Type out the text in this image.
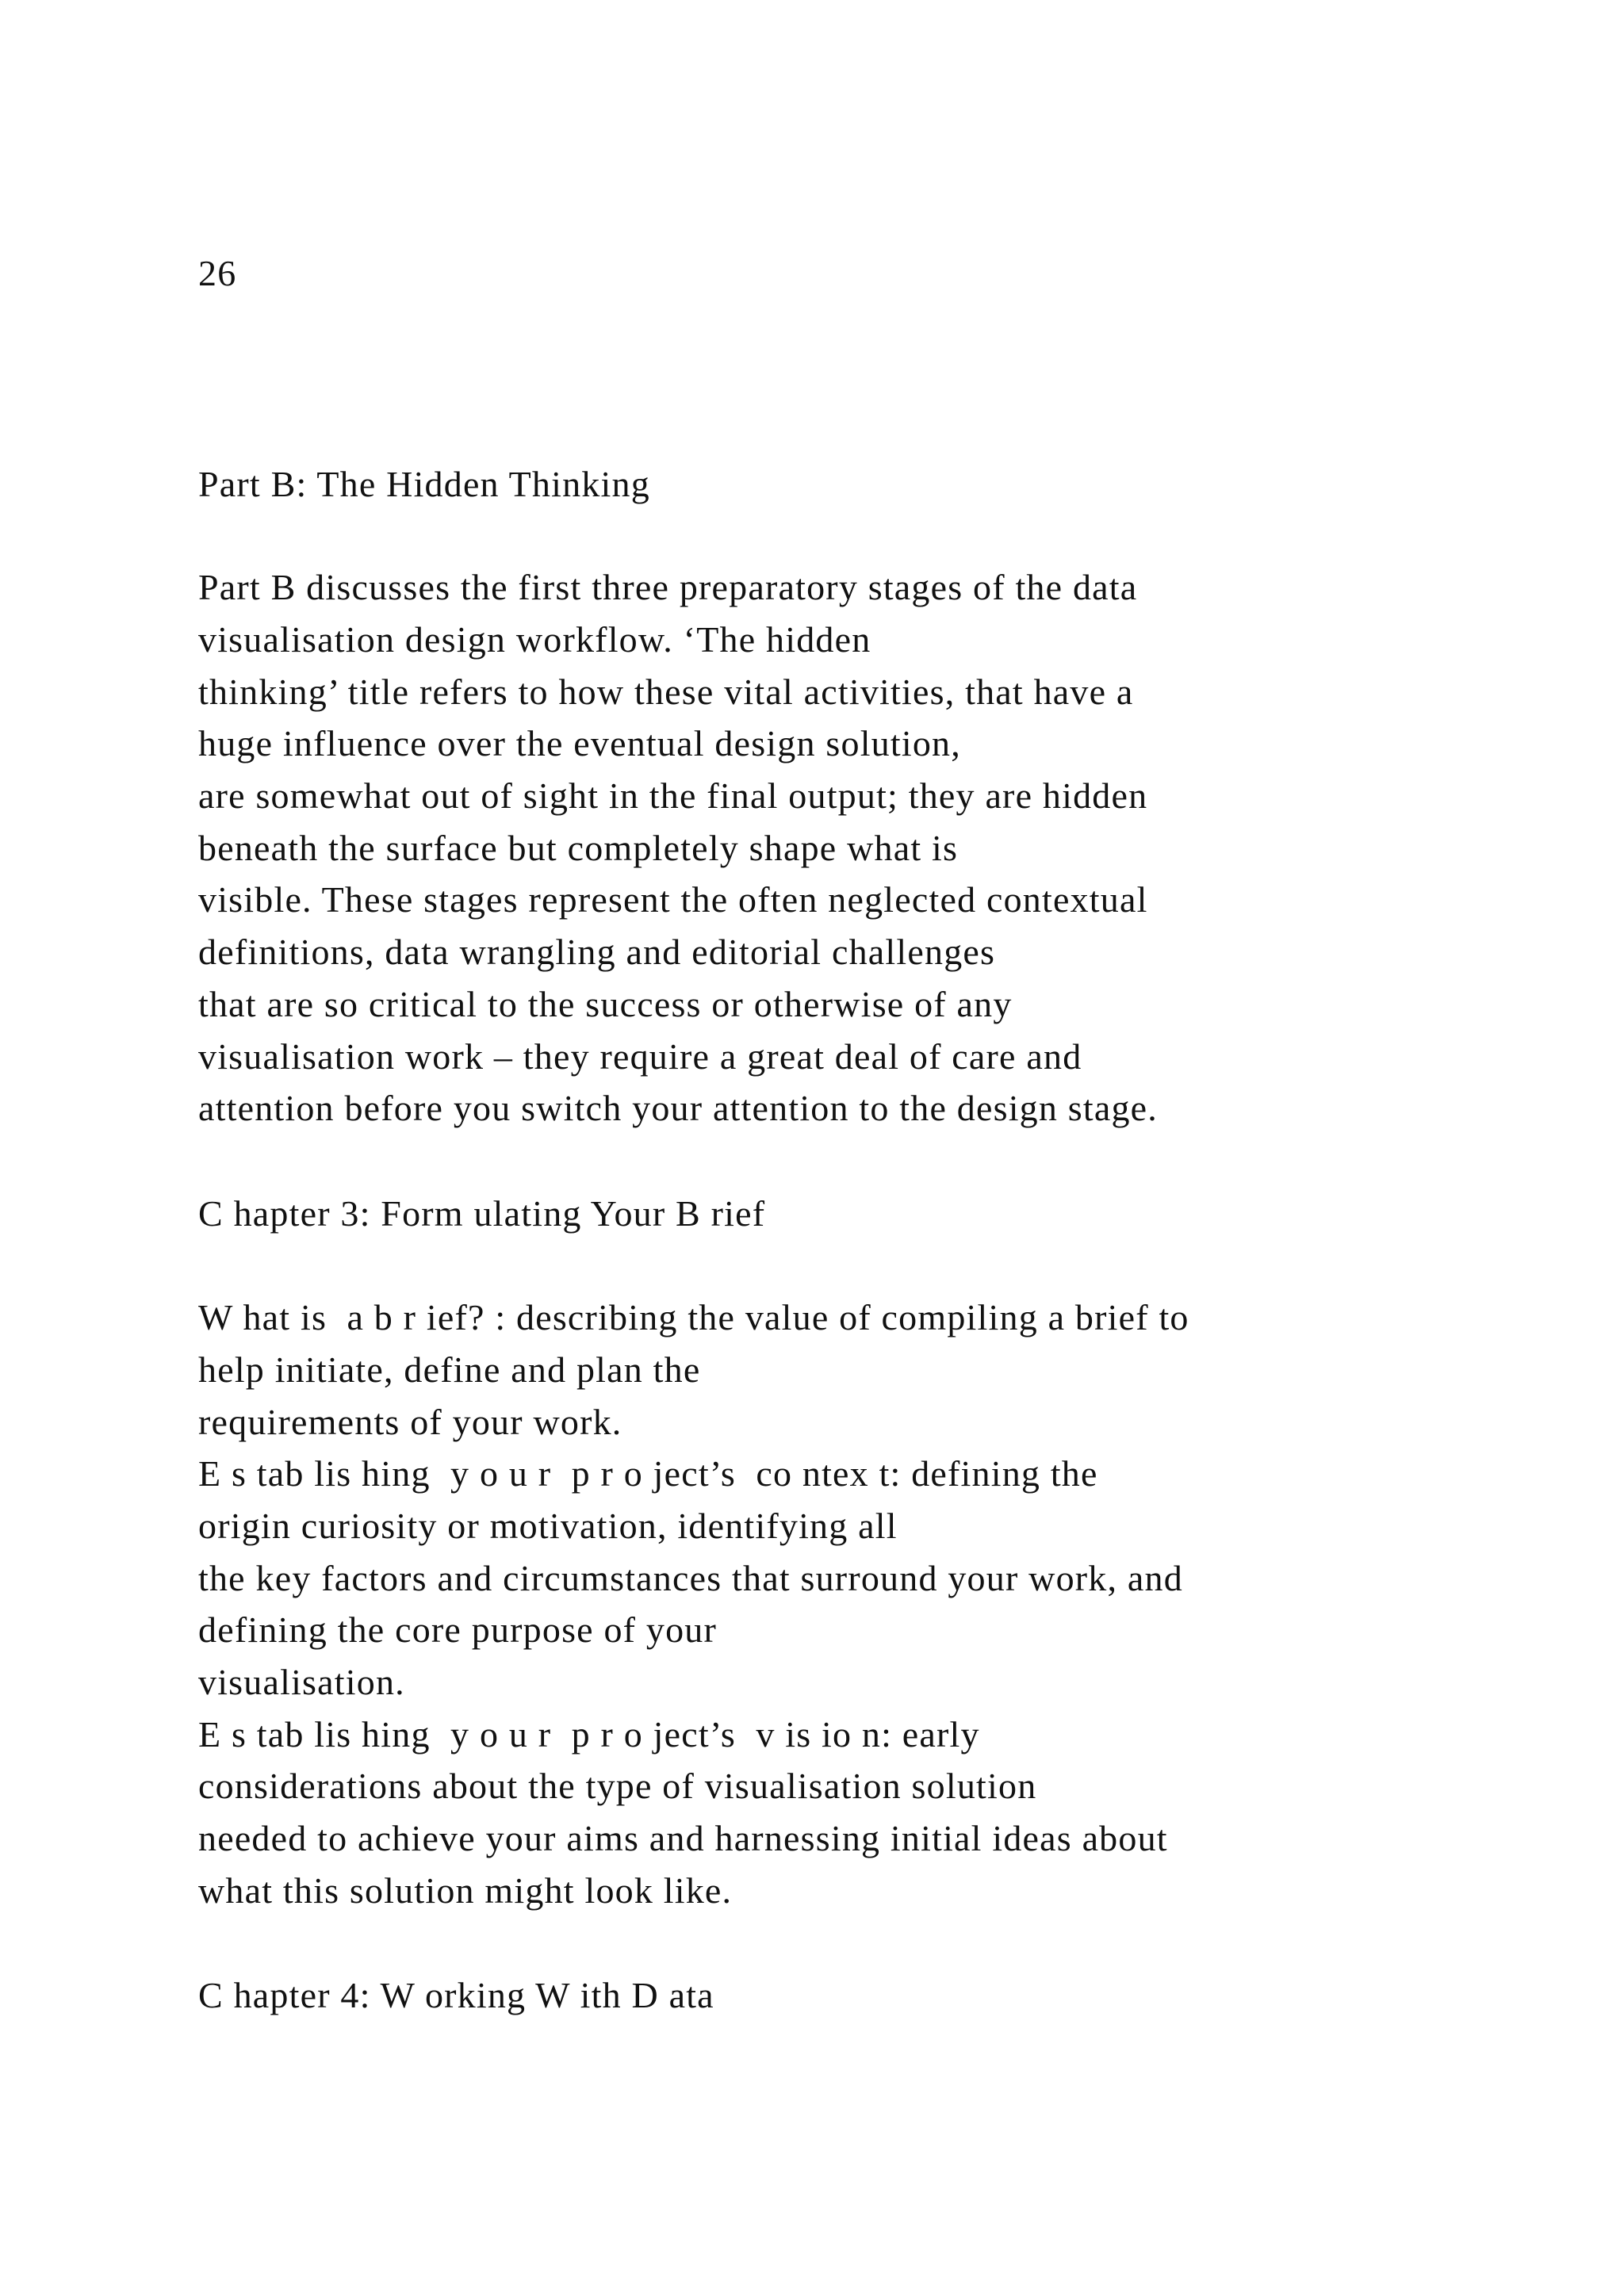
26
Part B: The Hidden Thinking
Part B discusses the first three preparatory stages of the data
visualisation design workflow. ‘The hidden
thinking’ title refers to how these vital activities, that have a
huge influence over the eventual design solution,
are somewhat out of sight in the final output; they are hidden
beneath the surface but completely shape what is
visible. These stages represent the often neglected contextual
definitions, data wrangling and editorial challenges
that are so critical to the success or otherwise of any
visualisation work – they require a great deal of care and
attention before you switch your attention to the design stage.
C hapter 3: Form ulating Your B rief
W hat is  a b r ief? : describing the value of compiling a brief to
help initiate, define and plan the
requirements of your work.
E s tab lis hing  y o u r  p r o ject’s  co ntex t: defining the
origin curiosity or motivation, identifying all
the key factors and circumstances that surround your work, and
defining the core purpose of your
visualisation.
E s tab lis hing  y o u r  p r o ject’s  v is io n: early
considerations about the type of visualisation solution
needed to achieve your aims and harnessing initial ideas about
what this solution might look like.
C hapter 4: W orking W ith D ata
